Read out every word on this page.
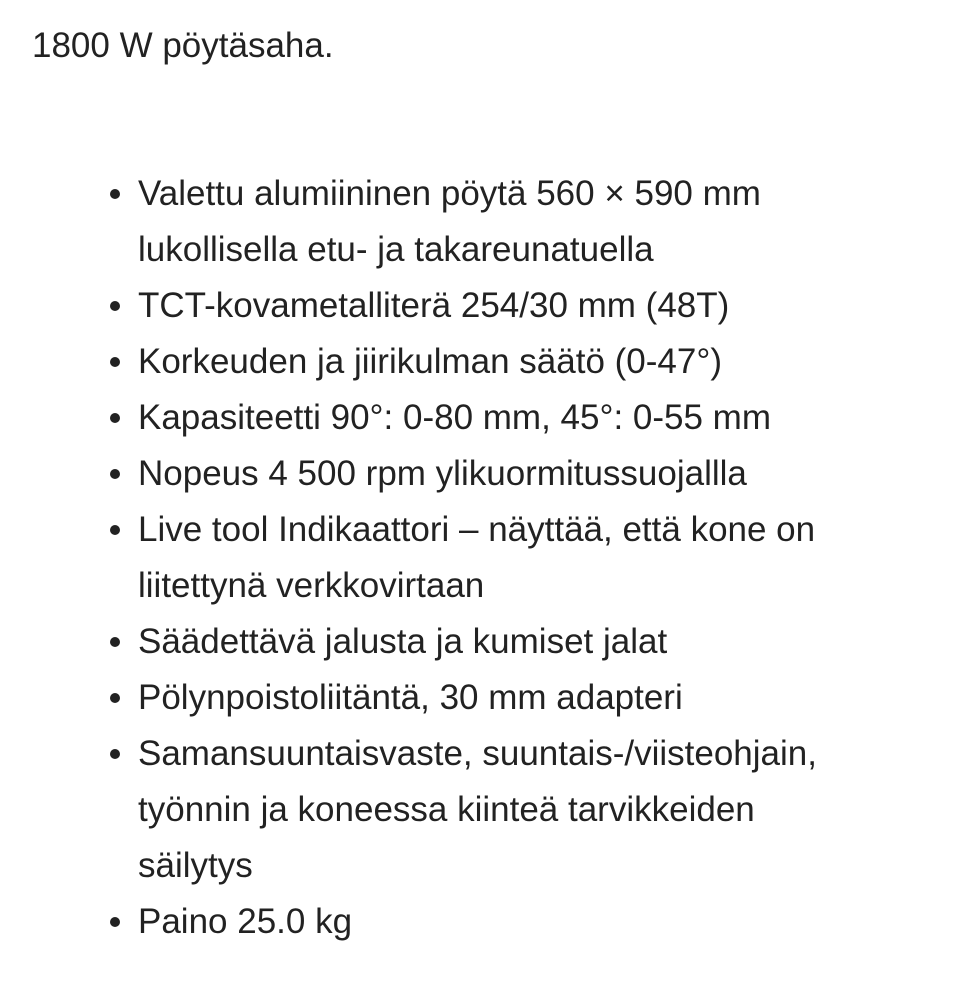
1800 W pöytäsaha.
Valettu alumiininen pöytä 560 × 590 mm
lukollisella etu- ja takareunatuella
TCT-kovametalliterä 254/30 mm (48T)
Korkeuden ja jiirikulman säätö (0-47°)
Kapasiteetti 90°: 0-80 mm, 45°: 0-55 mm
Nopeus 4 500 rpm ylikuormitussuojallla
Live tool Indikaattori – näyttää, että kone on
liitettynä verkkovirtaan
Säädettävä jalusta ja kumiset jalat
Pölynpoistoliitäntä, 30 mm adapteri
Samansuuntaisvaste, suuntais-/viisteohjain,
työnnin ja koneessa kiinteä tarvikkeiden
säilytys
Paino 25.0 kg
